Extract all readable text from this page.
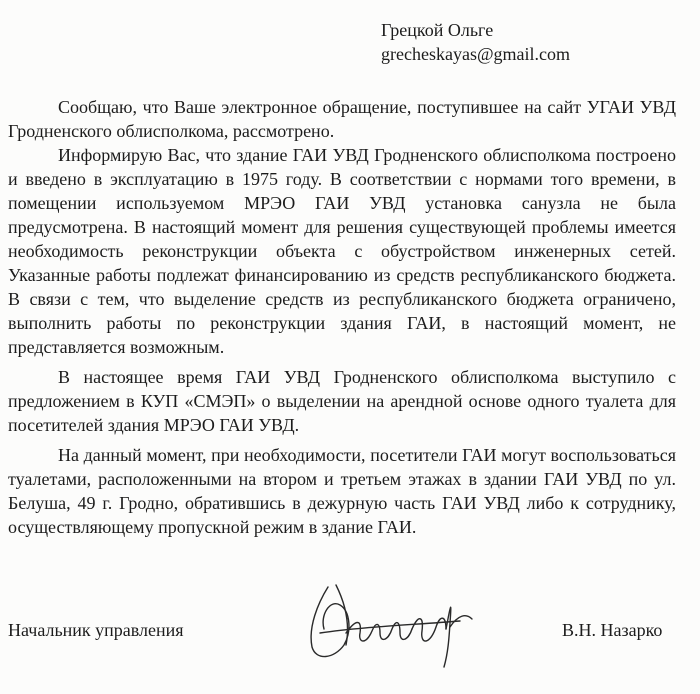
Грецкой Ольге
grecheskayas@gmail.com

Сообщаю, что Ваше электронное обращение, поступившее на сайт УГАИ УВД Гродненского облисполкома, рассмотрено.

Информирую Вас, что здание ГАИ УВД Гродненского облисполкома построено и введено в эксплуатацию в 1975 году. В соответствии с нормами того времени, в помещении используемом МРЭО ГАИ УВД установка санузла не была предусмотрена. В настоящий момент для решения существующей проблемы имеется необходимость реконструкции объекта с обустройством инженерных сетей. Указанные работы подлежат финансированию из средств республиканского бюджета. В связи с тем, что выделение средств из республиканского бюджета ограничено, выполнить работы по реконструкции здания ГАИ, в настоящий момент, не представляется возможным.

В настоящее время ГАИ УВД Гродненского облисполкома выступило с предложением в КУП «СМЭП» о выделении на арендной основе одного туалета для посетителей здания МРЭО ГАИ УВД.

На данный момент, при необходимости, посетители ГАИ могут воспользоваться туалетами, расположенными на втором и третьем этажах в здании ГАИ УВД по ул. Белуша, 49 г. Гродно, обратившись в дежурную часть ГАИ УВД либо к сотруднику, осуществляющему пропускной режим в здание ГАИ.

Начальник управления	В.Н. Назарко
